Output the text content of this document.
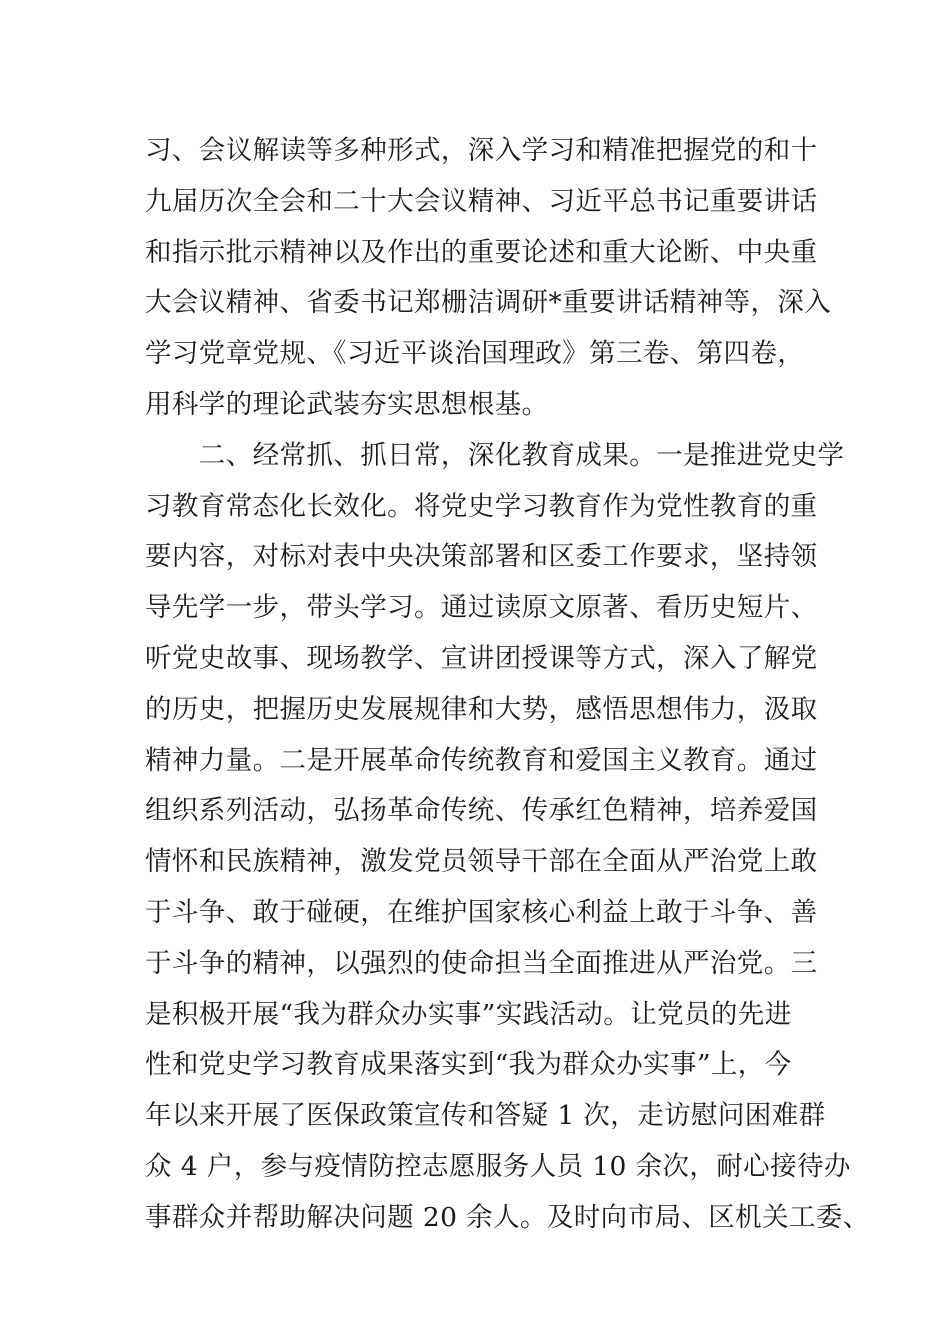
习、会议解读等多种形式，深入学习和精准把握党的和十
九届历次全会和二十大会议精神、习近平总书记重要讲话
和指示批示精神以及作出的重要论述和重大论断、中央重
大会议精神、省委书记郑栅洁调研*重要讲话精神等，深入
学习党章党规、《习近平谈治国理政》第三卷、第四卷，
用科学的理论武装夯实思想根基。
　　二、经常抓、抓日常，深化教育成果。一是推进党史学
习教育常态化长效化。将党史学习教育作为党性教育的重
要内容，对标对表中央决策部署和区委工作要求，坚持领
导先学一步，带头学习。通过读原文原著、看历史短片、
听党史故事、现场教学、宣讲团授课等方式，深入了解党
的历史，把握历史发展规律和大势，感悟思想伟力，汲取
精神力量。二是开展革命传统教育和爱国主义教育。通过
组织系列活动，弘扬革命传统、传承红色精神，培养爱国
情怀和民族精神，激发党员领导干部在全面从严治党上敢
于斗争、敢于碰硬，在维护国家核心利益上敢于斗争、善
于斗争的精神，以强烈的使命担当全面推进从严治党。三
是积极开展“我为群众办实事”实践活动。让党员的先进
性和党史学习教育成果落实到“我为群众办实事”上，今
年以来开展了医保政策宣传和答疑 1 次，走访慰问困难群
众 4 户，参与疫情防控志愿服务人员 10 余次，耐心接待办
事群众并帮助解决问题 20 余人。及时向市局、区机关工委、
